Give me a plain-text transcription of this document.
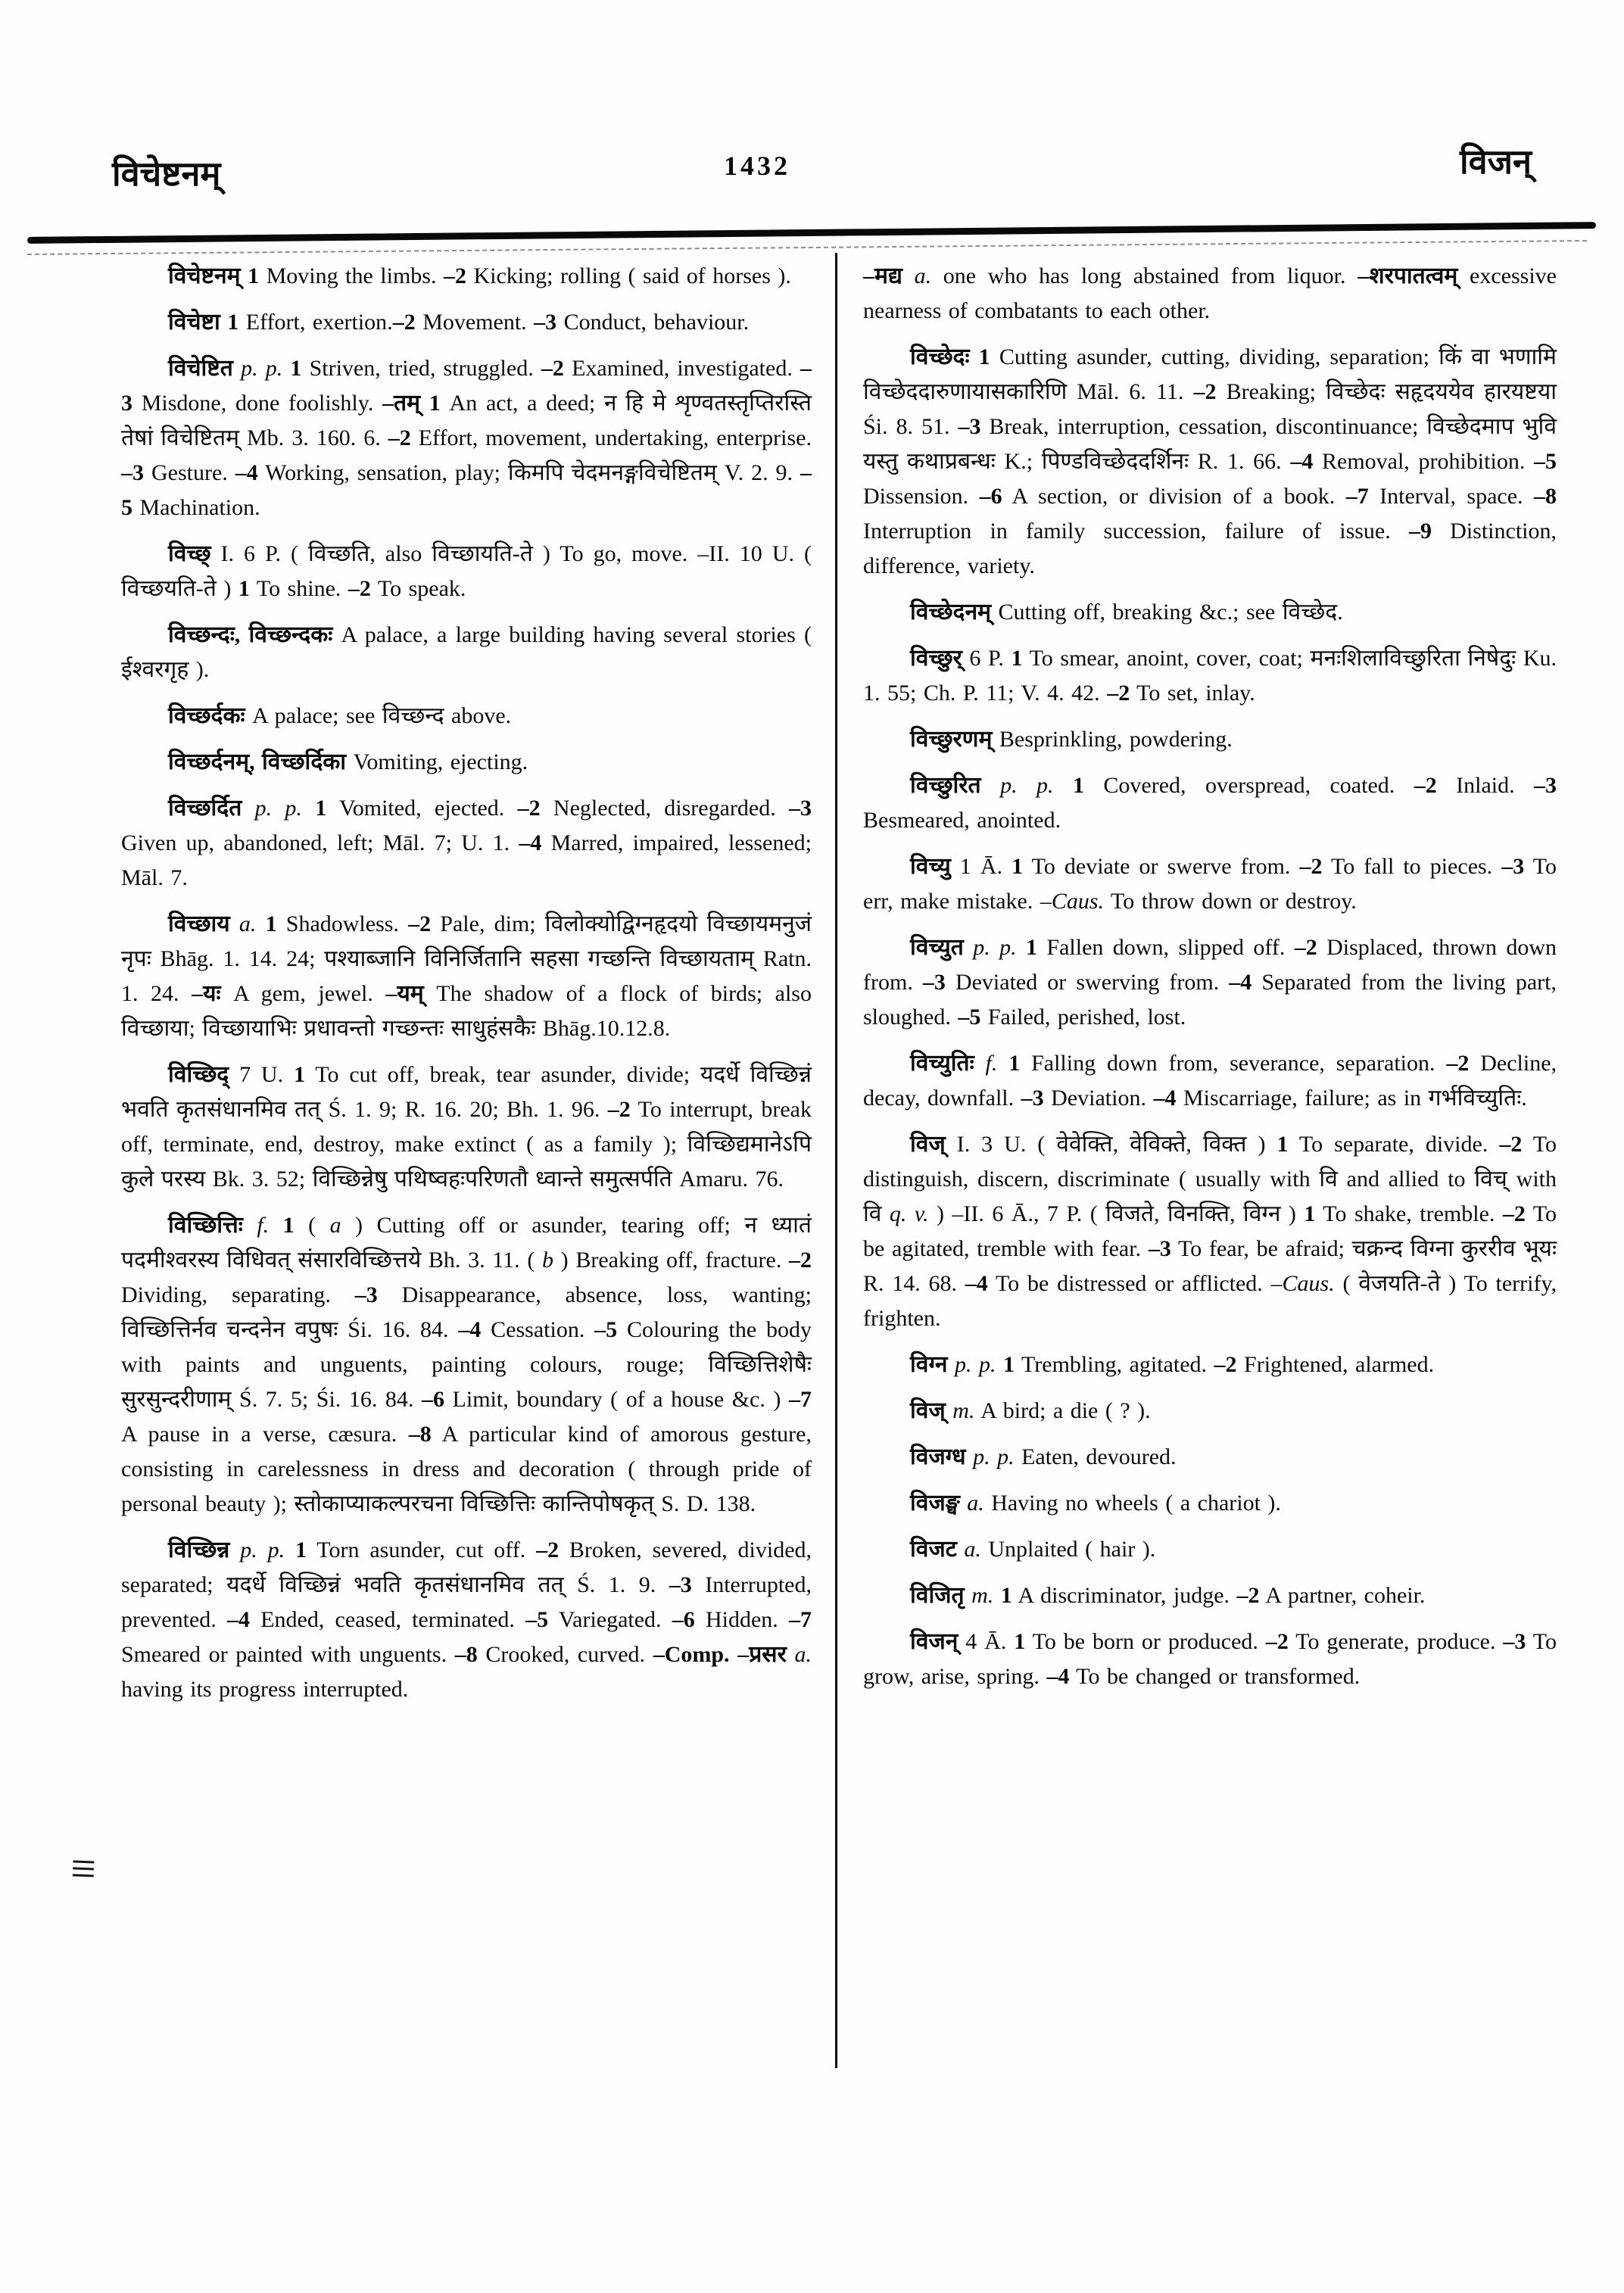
विचेष्टनम्	1432	विजन्

विचेष्टनम् 1 Moving the limbs. –2 Kicking; rolling ( said of horses ).

विचेष्टा 1 Effort, exertion.–2 Movement. –3 Conduct, behaviour.

विचेष्टित p. p. 1 Striven, tried, struggled. –2 Examined, investigated. –3 Misdone, done foolishly. –तम् 1 An act, a deed; न हि मे शृण्वतस्तृप्तिरस्ति तेषां विचेष्टितम् Mb. 3. 160. 6. –2 Effort, movement, undertaking, enterprise. –3 Gesture. –4 Working, sensation, play; किमपि चेदमनङ्गविचेष्टितम् V. 2. 9. –5 Machination.

विच्छ् I. 6 P. ( विच्छति, also विच्छायति-ते ) To go, move. –II. 10 U. ( विच्छयति-ते ) 1 To shine. –2 To speak.

विच्छन्दः, विच्छन्दकः A palace, a large building having several stories ( ईश्वरगृह ).

विच्छर्दकः A palace; see विच्छन्द above.

विच्छर्दनम्, विच्छर्दिका Vomiting, ejecting.

विच्छर्दित p. p. 1 Vomited, ejected. –2 Neglected, disregarded. –3 Given up, abandoned, left; Māl. 7; U. 1. –4 Marred, impaired, lessened; Māl. 7.

विच्छाय a. 1 Shadowless. –2 Pale, dim; विलोक्योद्विग्नहृदयो विच्छायमनुजं नृपः Bhāg. 1. 14. 24; पश्याब्जानि विनिर्जितानि सहसा गच्छन्ति विच्छायताम् Ratn. 1. 24. –यः A gem, jewel. –यम् The shadow of a flock of birds; also विच्छाया; विच्छायाभिः प्रधावन्तो गच्छन्तः साधुहंसकैः Bhāg.10.12.8.

विच्छिद् 7 U. 1 To cut off, break, tear asunder, divide; यदर्धे विच्छिन्नं भवति कृतसंधानमिव तत् Ś. 1. 9; R. 16. 20; Bh. 1. 96. –2 To interrupt, break off, terminate, end, destroy, make extinct ( as a family ); विच्छिद्यमानेऽपि कुले परस्य Bk. 3. 52; विच्छिन्नेषु पथिष्वहःपरिणतौ ध्वान्ते समुत्सर्पति Amaru. 76.

विच्छित्तिः f. 1 ( a ) Cutting off or asunder, tearing off; न ध्यातं पदमीश्वरस्य विधिवत् संसारविच्छित्तये Bh. 3. 11. ( b ) Breaking off, fracture. –2 Dividing, separating. –3 Disappearance, absence, loss, wanting; विच्छित्तिर्नव चन्दनेन वपुषः Śi. 16. 84. –4 Cessation. –5 Colouring the body with paints and unguents, painting colours, rouge; विच्छित्तिशेषैः सुरसुन्दरीणाम् Ś. 7. 5; Śi. 16. 84. –6 Limit, boundary ( of a house &c. ) –7 A pause in a verse, cæsura. –8 A particular kind of amorous gesture, consisting in carelessness in dress and decoration ( through pride of personal beauty ); स्तोकाप्याकल्परचना विच्छित्तिः कान्तिपोषकृत् S. D. 138.

विच्छिन्न p. p. 1 Torn asunder, cut off. –2 Broken, severed, divided, separated; यदर्धे विच्छिन्नं भवति कृतसंधानमिव तत् Ś. 1. 9. –3 Interrupted, prevented. –4 Ended, ceased, terminated. –5 Variegated. –6 Hidden. –7 Smeared or painted with unguents. –8 Crooked, curved. –Comp. –प्रसर a. having its progress interrupted.

–मद्य a. one who has long abstained from liquor. –शरपातत्वम् excessive nearness of combatants to each other.

विच्छेदः 1 Cutting asunder, cutting, dividing, separation; किं वा भणामि विच्छेददारुणायासकारिणि Māl. 6. 11. –2 Breaking; विच्छेदः सहृदययेव हारयष्टया Śi. 8. 51. –3 Break, interruption, cessation, discontinuance; विच्छेदमाप भुवि यस्तु कथाप्रबन्धः K.; पिण्डविच्छेददर्शिनः R. 1. 66. –4 Removal, prohibition. –5 Dissension. –6 A section, or division of a book. –7 Interval, space. –8 Interruption in family succession, failure of issue. –9 Distinction, difference, variety.

विच्छेदनम् Cutting off, breaking &c.; see विच्छेद.

विच्छुर् 6 P. 1 To smear, anoint, cover, coat; मनःशिलाविच्छुरिता निषेदुः Ku. 1. 55; Ch. P. 11; V. 4. 42. –2 To set, inlay.

विच्छुरणम् Besprinkling, powdering.

विच्छुरित p. p. 1 Covered, overspread, coated. –2 Inlaid. –3 Besmeared, anointed.

विच्यु 1 Ā. 1 To deviate or swerve from. –2 To fall to pieces. –3 To err, make mistake. –Caus. To throw down or destroy.

विच्युत p. p. 1 Fallen down, slipped off. –2 Displaced, thrown down from. –3 Deviated or swerving from. –4 Separated from the living part, sloughed. –5 Failed, perished, lost.

विच्युतिः f. 1 Falling down from, severance, separation. –2 Decline, decay, downfall. –3 Deviation. –4 Miscarriage, failure; as in गर्भविच्युतिः.

विज् I. 3 U. ( वेवेक्ति, वेविक्ते, विक्त ) 1 To separate, divide. –2 To distinguish, discern, discriminate ( usually with वि and allied to विच् with वि q. v. ) –II. 6 Ā., 7 P. ( विजते, विनक्ति, विग्न ) 1 To shake, tremble. –2 To be agitated, tremble with fear. –3 To fear, be afraid; चक्रन्द विग्ना कुररीव भूयः R. 14. 68. –4 To be distressed or afflicted. –Caus. ( वेजयति-ते ) To terrify, frighten.

विग्न p. p. 1 Trembling, agitated. –2 Frightened, alarmed.

विज् m. A bird; a die ( ? ).

विजग्ध p. p. Eaten, devoured.

विजङ्घ a. Having no wheels ( a chariot ).

विजट a. Unplaited ( hair ).

विजितृ m. 1 A discriminator, judge. –2 A partner, coheir.

विजन् 4 Ā. 1 To be born or produced. –2 To generate, produce. –3 To grow, arise, spring. –4 To be changed or transformed.
